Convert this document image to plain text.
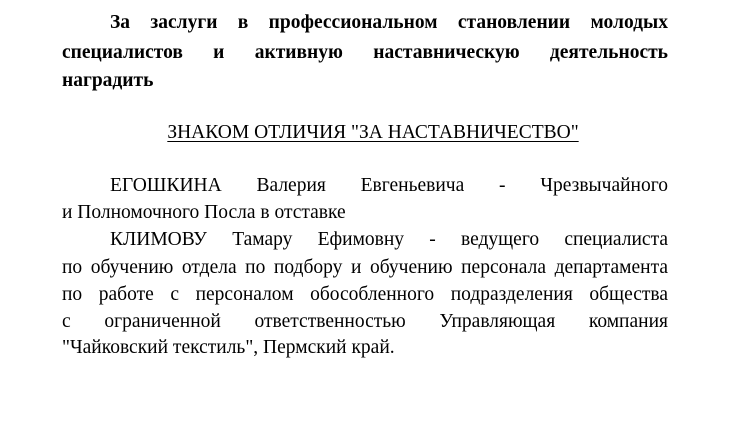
За заслуги в профессиональном становлении молодых
специалистов и активную наставническую деятельность
наградить
ЗНАКОМ ОТЛИЧИЯ "ЗА НАСТАВНИЧЕСТВО"
ЕГОШКИНА Валерия Евгеньевича - Чрезвычайного
и Полномочного Посла в отставке
КЛИМОВУ Тамару Ефимовну - ведущего специалиста
по обучению отдела по подбору и обучению персонала департамента
по работе с персоналом обособленного подразделения общества
с ограниченной ответственностью Управляющая компания
"Чайковский текстиль", Пермский край.
